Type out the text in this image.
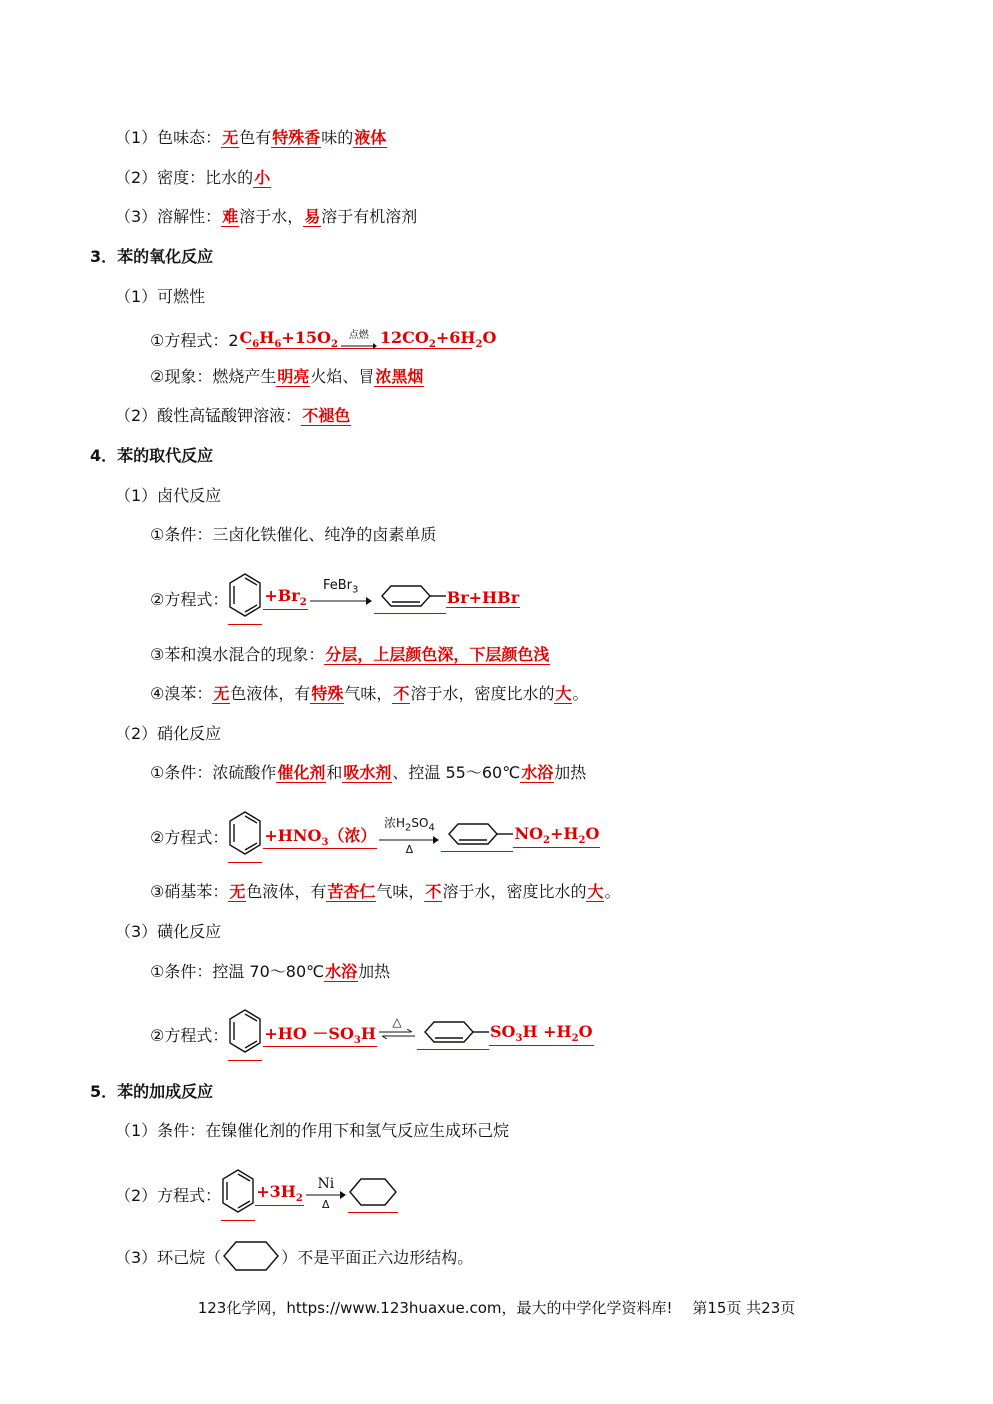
（1）色味态：无色有特殊香味的液体
（2）密度：比水的小
（3）溶解性：难溶于水，易溶于有机溶剂
3．苯的氧化反应
（1）可燃性
①方程式：2 $C_6H_6+15O_2$
点燃 $12CO_2+6H_2O$
②现象：燃烧产生明亮火焰、冒浓黑烟
（2）酸性高锰酸钾溶液：不褪色
4．苯的取代反应
（1）卤代反应
①条件：三卤化铁催化、纯净的卤素单质
②方程式： $+Br_2$
FeBr$_3$	Br+HBr
③苯和溴水混合的现象：分层，上层颜色深，下层颜色浅
④溴苯：无色液体，有特殊气味，不溶于水，密度比水的大。
（2）硝化反应
①条件：浓硫酸作催化剂和吸水剂、控温 55～60℃水浴加热
②方程式： $+HNO_3$（浓）
浓$H_2SO_4$
Δ
$NO_2+H_2O$
③硝基苯：无色液体，有苦杏仁气味，不溶于水，密度比水的大。
（3）磺化反应
①条件：控温 70～80℃水浴加热
②方程式： $+HO -SO_3H$
△
$SO_3H +H_2O$
5．苯的加成反应
（1）条件：在镍催化剂的作用下和氢气反应生成环己烷
（2）方程式： $+3H_2$
Ni
Δ
（3）环己烷（	）不是平面正六边形结构。
123化学网，https://www.123huaxue.com，最大的中学化学资料库!　 第15页 共23页
